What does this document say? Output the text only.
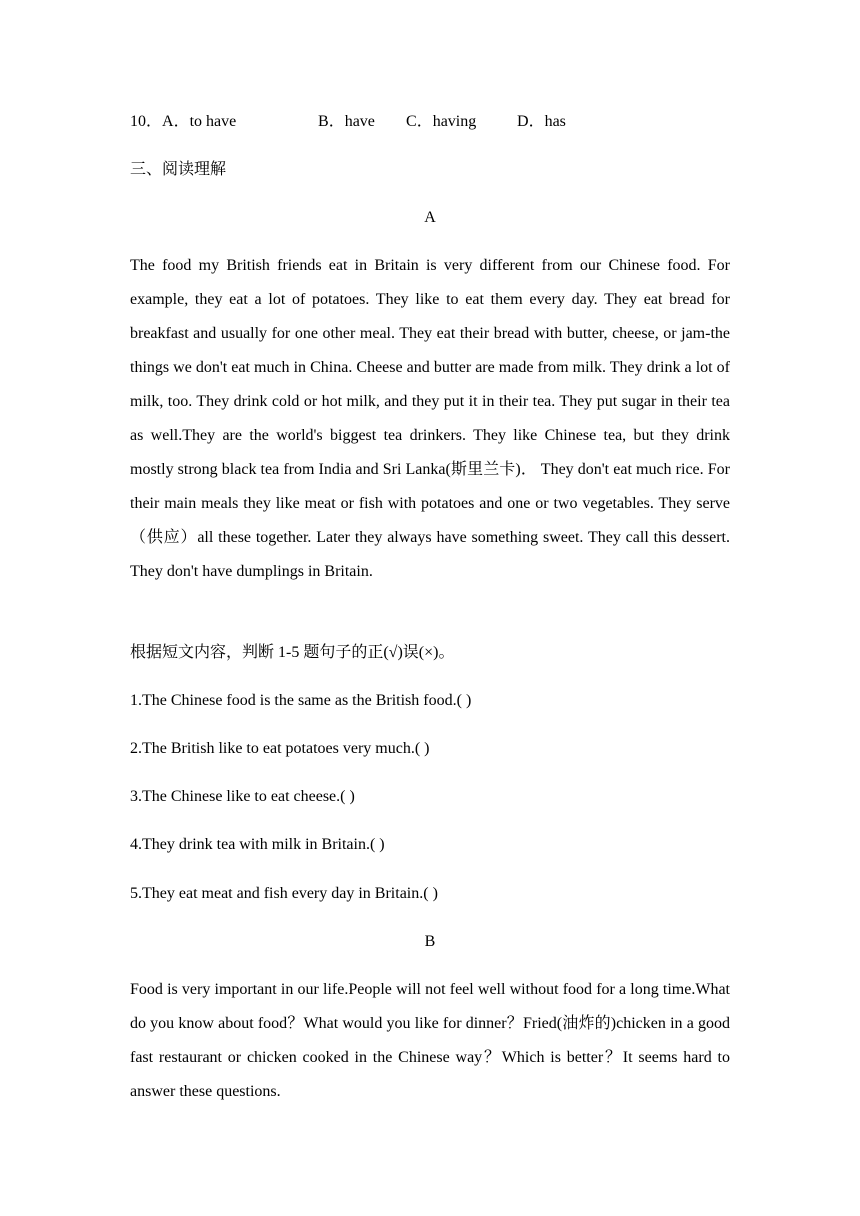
10．A．to have	B．have C．having	D．has
三、阅读理解
A
The food my British friends eat in Britain is very different from our Chinese food. For example, they eat a lot of potatoes. They like to eat them every day. They eat bread for breakfast and usually for one other meal. They eat their bread with butter, cheese, or jam-the things we don't eat much in China. Cheese and butter are made from milk. They drink a lot of milk, too. They drink cold or hot milk, and they put it in their tea. They put sugar in their tea as well.They are the world's biggest tea drinkers. They like Chinese tea, but they drink mostly strong black tea from India and Sri Lanka(斯里兰卡)． They don't eat much rice. For their main meals they like meat or fish with potatoes and one or two vegetables. They serve（供应）all these together. Later they always have something sweet. They call this dessert. They don't have dumplings in Britain.
根据短文内容，判断 1-5 题句子的正(√)误(×)。
1.The Chinese food is the same as the British food.( )
2.The British like to eat potatoes very much.( )
3.The Chinese like to eat cheese.( )
4.They drink tea with milk in Britain.( )
5.They eat meat and fish every day in Britain.( )
B
Food is very important in our life.People will not feel well without food for a long time.What do you know about food？What would you like for dinner？Fried(油炸的)chicken in a good fast restaurant or chicken cooked in the Chinese way？Which is better？It seems hard to answer these questions.
